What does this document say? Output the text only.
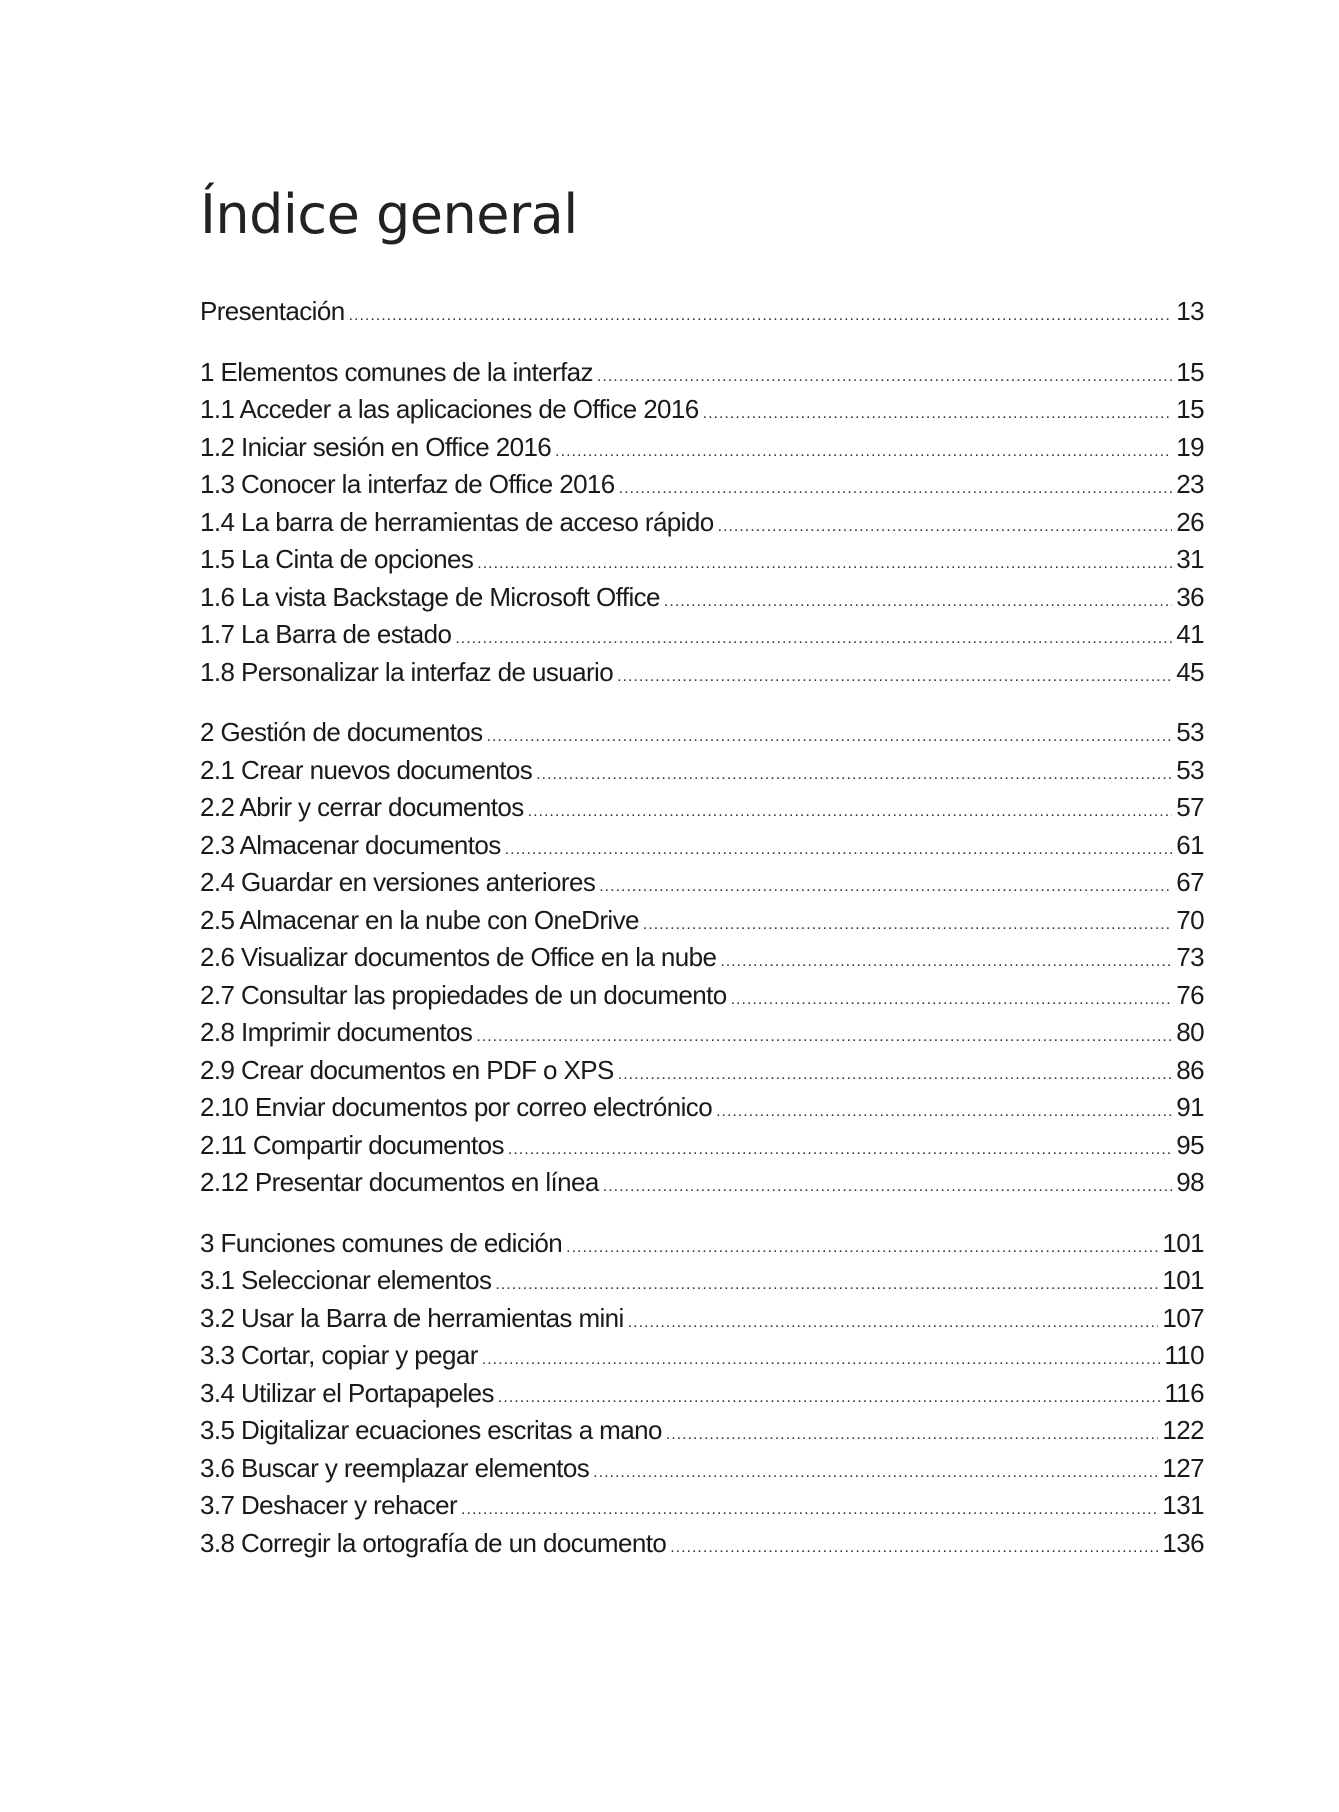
Índice general
Presentación .....	13
1 Elementos comunes de la interfaz .....	15
1.1 Acceder a las aplicaciones de Office 2016 .....	15
1.2 Iniciar sesión en Office 2016 .....	19
1.3 Conocer la interfaz de Office 2016 .....	23
1.4 La barra de herramientas de acceso rápido .....	26
1.5 La Cinta de opciones .....	31
1.6 La vista Backstage de Microsoft Office .....	36
1.7 La Barra de estado .....	41
1.8 Personalizar la interfaz de usuario .....	45
2 Gestión de documentos .....	53
2.1 Crear nuevos documentos .....	53
2.2 Abrir y cerrar documentos .....	57
2.3 Almacenar documentos .....	61
2.4 Guardar en versiones anteriores .....	67
2.5 Almacenar en la nube con OneDrive .....	70
2.6 Visualizar documentos de Office en la nube .....	73
2.7 Consultar las propiedades de un documento .....	76
2.8 Imprimir documentos .....	80
2.9 Crear documentos en PDF o XPS .....	86
2.10 Enviar documentos por correo electrónico .....	91
2.11 Compartir documentos .....	95
2.12 Presentar documentos en línea .....	98
3 Funciones comunes de edición .....	101
3.1 Seleccionar elementos .....	101
3.2 Usar la Barra de herramientas mini .....	107
3.3 Cortar, copiar y pegar .....	110
3.4 Utilizar el Portapapeles .....	116
3.5 Digitalizar ecuaciones escritas a mano .....	122
3.6 Buscar y reemplazar elementos .....	127
3.7 Deshacer y rehacer .....	131
3.8 Corregir la ortografía de un documento .....	136
